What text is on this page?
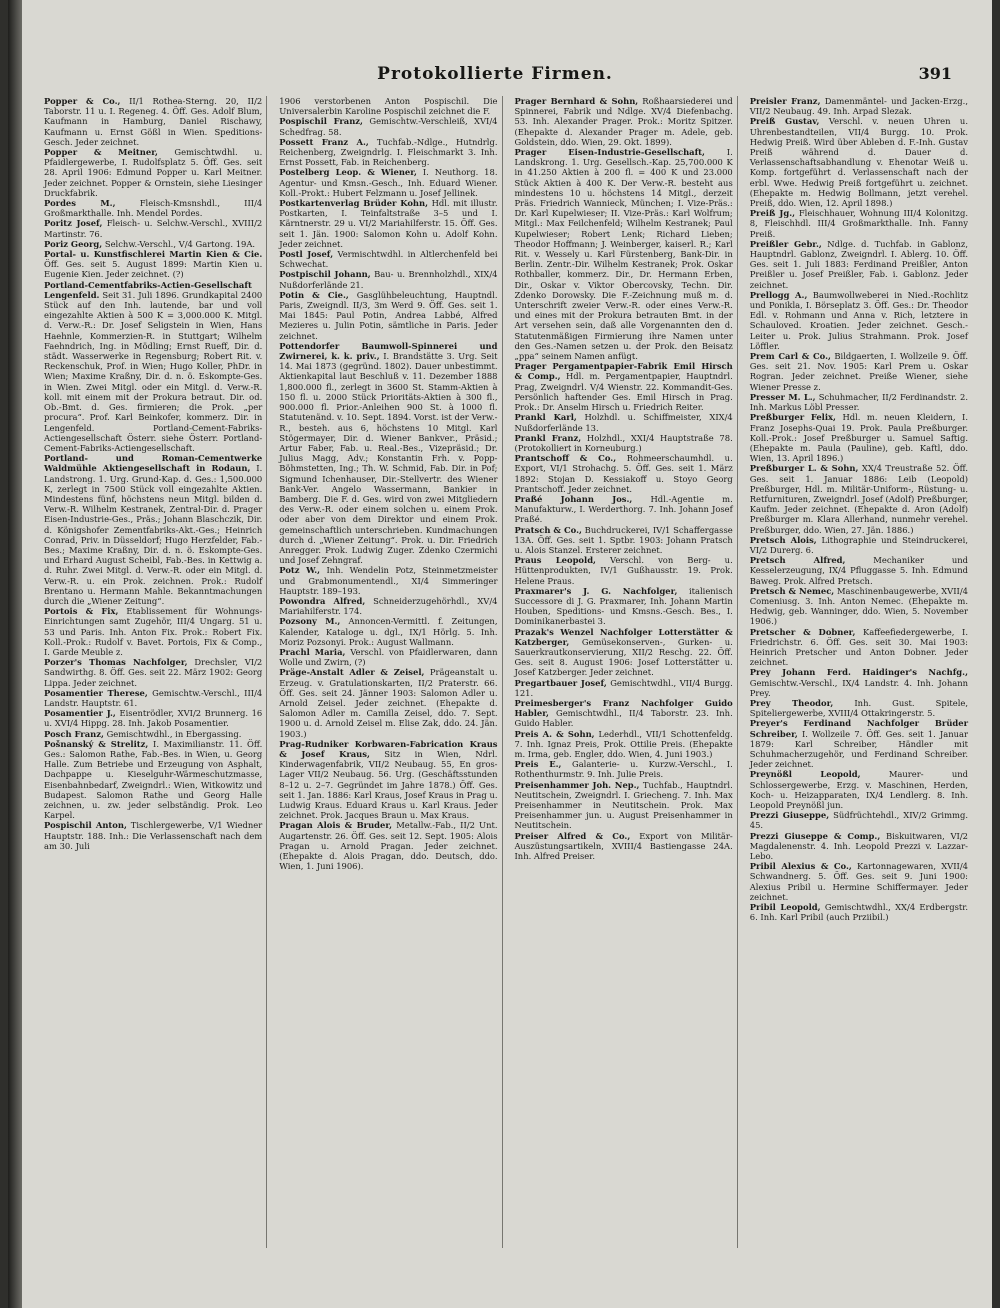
Protokollierte Firmen.	391

Popper & Co., II/1 Rothea-Sterng. 20, II/2 Taborstr. 11 u. I. Regeneg. 4. Öff. Ges. Adolf Blum, Kaufmann in Hamburg, Daniel Rischawy, Kaufmann u. Ernst Gößl in Wien. Speditions-Gesch. Jeder zeichnet.

Popper & Meitner, Gemischtwdhl. u. Pfaidlergewerbe, I. Rudolfsplatz 5. Öff. Ges. seit 28. April 1906: Edmund Popper u. Karl Meitner. Jeder zeichnet. Popper & Ornstein, siehe Liesinger Druckfabrik.

Pordes M.,	Fleisch-Kmsnshdl., III/4 Großmarkthalle. Inh. Mendel Pordes.

Poritz Josef, Fleisch- u. Selchw.-Verschl., XVIII/2 Martinstr. 76.

Poriz Georg, Selchw.-Verschl., V/4 Gartong. 19A.

Portal- u. Kunstfischlerei Martin Kien & Cie. Öff. Ges. seit 5. August 1899: Martin Kien u. Eugenie Kien. Jeder zeichnet. (?)

Portland-Cementfabriks-Actien-Gesellschaft Lengenfeld. Seit 31. Juli 1896. Grundkapital 2400 Stück auf den Inh. lautende, bar und voll eingezahlte Aktien à 500 K = 3,000.000 K. Mitgl. d. Verw.-R.: Dr. Josef Seligstein in Wien, Hans Haehnle, Kommerzien-R. in Stuttgart; Wilhelm Faehndrich, Ing. in Mödling; Ernst Rueff, Dir. d. städt. Wasserwerke in Regensburg; Robert Rit. v. Reckenschuk, Prof. in Wien; Hugo Koller, PhDr. in Wien; Maxime Kraßny, Dir. d. n. ö. Eskompte-Ges. in Wien. Zwei Mitgl. oder ein Mitgl. d. Verw.-R. koll. mit einem mit der Prokura betraut. Dir. od. Ob.-Bmt. d. Ges. firmieren; die Prok. „per procura“. Prof. Karl Beinkofer, kommerz. Dir. in Lengenfeld. Portland-Cement-Fabriks-Actiengesellschaft Österr. siehe Österr. Portland-Cement-Fabriks-Actiengesellschaft.

Portland- und Roman-Cementwerke Waldmühle Aktiengesellschaft in Rodaun, I. Landstrong. 1. Urg. Grund-Kap. d. Ges.: 1,500.000 K, zerlegt in 7500 Stück voll eingezahlte Aktien. Mindestens fünf, höchstens neun Mitgl. bilden d. Verw.-R. Wilhelm Kestranek, Zentral-Dir. d. Prager Eisen-Industrie-Ges., Präs.; Johann Blaschczik, Dir. d. Königshofer Zementfabriks-Akt.-Ges.; Heinrich Conrad, Priv. in Düsseldorf; Hugo Herzfelder, Fab.-Bes.; Maxime Kraßny, Dir. d. n. ö. Eskompte-Ges. und Erhard August Scheibl, Fab.-Bes. in Kettwig a. d. Ruhr. Zwei Mitgl. d. Verw.-R. oder ein Mitgl. d. Verw.-R. u. ein Prok. zeichnen. Prok.: Rudolf Brentano u. Hermann Mahle. Bekanntmachungen durch die „Wiener Zeitung“.

Portois & Fix, Etablissement für Wohnungs-Einrichtungen samt Zugehör, III/4 Ungarg. 51 u. 53 und Paris. Inh. Anton Fix. Prok.: Robert Fix. Koll.-Prok.: Rudolf v. Bavet. Portois, Fix & Comp., I. Garde Meuble z.

Porzer's Thomas Nachfolger, Drechsler, VI/2 Sandwirthg. 8. Öff. Ges. seit 22. März 1902: Georg Lippa. Jeder zeichnet.

Posamentier Therese, Gemischtw.-Verschl., III/4 Landstr. Hauptstr. 61.

Posamentier J., Eisentrödler, XVI/2 Brunnerg. 16 u. XVI/4 Hippg. 28. Inh. Jakob Posamentier.

Posch Franz, Gemischtwdhl., in Ebergassing.

Pošnanský & Strelitz, I. Maximilianstr. 11. Öff. Ges.: Salomon Rathe, Fab.-Bes. in Wien, u. Georg Halle. Zum Betriebe und Erzeugung von Asphalt, Dachpappe u. Kieselguhr-Wärmeschutzmasse, Eisenbahnbedarf, Zweigndrl.: Wien, Witkowitz und Budapest. Salomon Rathe und Georg Halle zeichnen, u. zw. jeder selbständig. Prok. Leo Karpel.

Pospischil Anton, Tischlergewerbe, V/1 Wiedner Hauptstr. 188. Inh.: Die Verlassenschaft nach dem am 30. Juli

1906 verstorbenen Anton Pospischil. Die Universalerbin Karoline Pospischil zeichnet die F.

Pospischil Franz, Gemischtw.-Verschleiß, XVI/4 Schedfrag. 58.

Possett Franz A., Tuchfab.-Ndlge., Hutndrlg. Reichenberg, Zweigndrlg. I. Fleischmarkt 3. Inh. Ernst Possett, Fab. in Reichenberg.

Postelberg Leop. & Wiener, I. Neuthorg. 18. Agentur- und Kmsn.-Gesch., Inh. Eduard Wiener. Koll.-Prokt.: Hubert Felzmann u. Josef Jellinek.

Postkartenverlag Brüder Kohn, Hdl. mit illustr. Postkarten, I. Teinfaltstraße 3–5 und I. Kärntnerstr. 29 u. VI/2 Mariahilferstr. 15. Öff. Ges. seit 1. Jän. 1900: Salomon Kohn u. Adolf Kohn. Jeder zeichnet.

Postl Josef, Vermischtwdhl. in Altlerchenfeld bei Schwechat.

Postpischil Johann, Bau- u. Brennholzhdl., XIX/4 Nußdorferlände 21.

Potin & Cie., Gasglühbeleuchtung, Hauptndl. Paris, Zweigndl. II/3, 3m Werd 9. Öff. Ges. seit 1. Mai 1845: Paul Potin, Andrea Labbé, Alfred Mezieres u. Julin Potin, sämtliche in Paris. Jeder zeichnet.

Pottendorfer Baumwoll-Spinnerei und Zwirnerei, k. k. priv., I. Brandstätte 3. Urg. Seit 14. Mai 1873 (gegründ. 1802). Dauer unbestimmt. Aktienkapital laut Beschluß v. 11. Dezember 1888 1,800.000 fl., zerlegt in 3600 St. Stamm-Aktien à 150 fl. u. 2000 Stück Prioritäts-Aktien à 300 fl., 900.000 fl. Prior.-Anleihen 900 St. à 1000 fl. Statutenänd. v. 10. Sept. 1894. Vorst. ist der Verw.-R., besteh. aus 6, höchstens 10 Mitgl. Karl Stögermayer, Dir. d. Wiener Bankver., Präsid.; Artur Faber, Fab. u. Real.-Bes., Vizepräsid.; Dr. Julius Magg, Adv.; Konstantin Frh. v. Popp-Böhmstetten, Ing.; Th. W. Schmid, Fab. Dir. in Pof; Sigmund Ichenhauser, Dir.-Stellvertr. des Wiener Bank-Ver. Angelo Wassermann, Bankier in Bamberg. Die F. d. Ges. wird von zwei Mitgliedern des Verw.-R. oder einem solchen u. einem Prok. oder aber von dem Direktor und einem Prok. gemeinschaftlich unterschrieben. Kundmachungen durch d. „Wiener Zeitung“. Prok. u. Dir. Friedrich Anregger. Prok. Ludwig Zuger. Zdenko Czermichi und Josef Zehngraf.

Potz W., Inh. Wendelin Potz, Steinmetzmeister und Grabmonumentendl., XI/4 Simmeringer Hauptstr. 189–193.

Powondra Alfred, Schneiderzugehörhdl., XV/4 Mariahilferstr. 174.

Pozsony M., Annoncen-Vermittl. f. Zeitungen, Kalender, Kataloge u. dgl., IX/1 Hörlg. 5. Inh. Moriz Pozsonyi. Prok.: August Wallmann.

Prachl Maria, Verschl. von Pfaidlerwaren, dann Wolle und Zwirn, (?)

Präge-Anstalt Adler & Zeisel, Prägeanstalt u. Erzeug. v. Gratulationskarten, II/2 Praterstr. 66. Öff. Ges. seit 24. Jänner 1903: Salomon Adler u. Arnold Zeisel. Jeder zeichnet. (Ehepakte d. Salomon Adler m. Camilla Zeisel, ddo. 7. Sept. 1900 u. d. Arnold Zeisel m. Elise Zak, ddo. 24. Jän. 1903.)

Prag-Rudniker Korbwaren-Fabrication Kraus & Josef Kraus, Sitz in Wien, Ndrl. Kinderwagenfabrik, VII/2 Neubaug. 55, En gros-Lager VII/2 Neubaug. 56. Urg. (Geschäftsstunden 8–12 u. 2–7. Gegründet im Jahre 1878.) Öff. Ges. seit 1. Jan. 1886: Karl Kraus, Josef Kraus in Prag u. Ludwig Kraus. Eduard Kraus u. Karl Kraus. Jeder zeichnet. Prok. Jacques Braun u. Max Kraus.

Pragan Alois & Bruder, Metallw.-Fab., II/2 Unt. Augartenstr. 26. Öff. Ges. seit 12. Sept. 1905: Alois Pragan u. Arnold Pragan. Jeder zeichnet. (Ehepakte d. Alois Pragan, ddo. Deutsch, ddo. Wien, 1. Juni 1906).

Prager Bernhard & Sohn, Roßhaarsiederei und Spinnerei, Fabrik und Ndlge. XV/4 Diefenbachg. 53. Inh. Alexander Prager. Prok.: Moritz Spitzer. (Ehepakte d. Alexander Prager m. Adele, geb. Goldstein, ddo. Wien, 29. Okt. 1899).

Prager Eisen-Industrie-Gesellschaft,	I. Landskrong. 1. Urg. Gesellsch.-Kap. 25,700.000 K in 41.250 Aktien à 200 fl. = 400 K und 23.000 Stück Aktien à 400 K. Der Verw.-R. besteht aus mindestens 10 u. höchstens 14 Mitgl., derzeit Präs. Friedrich Wannieck, München; I. Vize-Präs.: Dr. Karl Kupelwieser; II. Vize-Präs.: Karl Wolfrum; Mitgl.: Max Feilchenfeld; Wilhelm Kestranek; Paul Kupelwieser; Robert Lenk; Richard Lieben; Theodor Hoffmann; J. Weinberger, kaiserl. R.; Karl Rit. v. Wessely u. Karl Fürstenberg, Bank-Dir. in Berlin. Zentr.-Dir. Wilhelm Kestranek; Prok. Oskar Rothballer, kommerz. Dir., Dr. Hermann Erben, Dir., Oskar v. Viktor Obercovsky, Techn. Dir. Zdenko Dorowsky. Die F.-Zeichnung muß m. d. Unterschrift zweier Verw.-R. oder eines Verw.-R. und eines mit der Prokura betrauten Bmt. in der Art versehen sein, daß alle Vorgenannten den d. Statutenmäßigen Firmierung ihre Namen unter den Ges.-Namen setzen u. der Prok. den Beisatz „ppa“ seinem Namen anfügt.

Prager Pergamentpapier-Fabrik Emil Hirsch & Comp., Hdl. m. Pergamentpapier, Hauptndrl. Prag, Zweigndrl. V/4 Wienstr. 22. Kommandit-Ges. Persönlich haftender Ges. Emil Hirsch in Prag. Prok.: Dr. Anselm Hirsch u. Friedrich Reiter.

Prankl Karl, Holzhdl. u. Schiffmeister, XIX/4 Nußdorferlände 13.

Prankl Franz, Holzhdl., XXI/4 Hauptstraße 78. (Protokolliert in Korneuburg.)

Prantschoff & Co., Rohmeerschaumhdl. u. Export, VI/1 Strohachg. 5. Öff. Ges. seit 1. März 1892: Stojan D. Kessiakoff u. Stoyo Georg Prantschoff. Jeder zeichnet.

Praßé Johann Jos., Hdl.-Agentie m. Manufakturw., I. Werderthorg. 7. Inh. Johann Josef Praßé.

Pratsch & Co., Buchdruckerei, IV/1 Schaffergasse 13A. Öff. Ges. seit 1. Sptbr. 1903: Johann Pratsch u. Alois Stanzel. Ersterer zeichnet.

Praus Leopold, Verschl. von Berg- u. Hüttenprodukten, IV/1 Gußhausstr. 19. Prok. Helene Praus.

Praxmarer's J. G. Nachfolger, italienisch Successore di J. G. Praxmarer, Inh. Johann Martin Houben, Speditions- und Kmsns.-Gesch. Bes., I. Dominikanerbastei 3.

Prazak's Wenzel Nachfolger Lotterstätter & Katzberger, Gemüsekonserven-, Gurken- u. Sauerkrautkonservierung, XII/2 Reschg. 22. Öff. Ges. seit 8. August 1906: Josef Lotterstätter u. Josef Katzberger. Jeder zeichnet.

Pregartbauer Josef, Gemischtwdhl., VII/4 Burgg. 121.

Preimesberger's Franz Nachfolger Guido Habler, Gemischtwdhl., II/4 Taborstr. 23. Inh. Guido Habler.

Preis A. & Sohn, Lederhdl., VII/1 Schottenfeldg. 7. Inh. Ignaz Preis, Prok. Ottilie Preis. (Ehepakte m. Irma, geb. Engler, ddo. Wien, 4. Juni 1903.)

Preis E., Galanterie- u. Kurzw.-Verschl., I. Rothenthurmstr. 9. Inh. Julie Preis.

Preisenhammer Joh. Nep., Tuchfab., Hauptndrl. Neutitschein, Zweigndrl. I. Griecheng. 7. Inh. Max Preisenhammer in Neutitschein. Prok. Max Preisenhammer jun. u. August Preisenhammer in Neutitschein.

Preiser Alfred & Co., Export von Militär-Auszüstungsartikeln, XVIII/4 Bastiengasse 24A. Inh. Alfred Preiser.

Preisler Franz, Damenmäntel- und Jacken-Erzg., VII/2 Neubaug. 49. Inh. Arpad Slezak.

Preiß Gustav, Verschl. v. neuen Uhren u. Uhrenbestandteilen, VII/4 Burgg. 10. Prok. Hedwig Preiß. Wird über Ableben d. F.-Inh. Gustav Preiß während d. Dauer d. Verlassenschaftsabhandlung v. Ehenotar Weiß u. Komp. fortgeführt d. Verlassenschaft nach der erbl. Wwe. Hedwig Preiß fortgeführt u. zeichnet. (Ehepakte m. Hedwig Bollmann, jetzt verehel. Preiß, ddo. Wien, 12. April 1898.)

Preiß Jg., Fleischhauer, Wohnung III/4 Kolonitzg. 8, Fleischhdl. III/4 Großmarkthalle. Inh. Fanny Preiß.

Preißler Gebr., Ndlge. d. Tuchfab. in Gablonz, Hauptndrl. Gablonz, Zweigndrl. I. Ablerg. 10. Öff. Ges. seit 1. Juli 1883: Ferdinand Preißler, Anton Preißler u. Josef Preißler, Fab. i. Gablonz. Jeder zeichnet.

Prellogg A., Baumwollweberei in Nied.-Rochlitz und Ponikla, I. Börseplatz 3. Öff. Ges.: Dr. Theodor Edl. v. Rohmann und Anna v. Rich, letztere in Schauloved. Kroatien. Jeder zeichnet. Gesch.-Leiter u. Prok. Julius Strahmann. Prok. Josef Löffler.

Prem Carl & Co., Bildgaerten, I. Wollzeile 9. Öff. Ges. seit 21. Nov. 1905: Karl Prem u. Oskar Rogran. Jeder zeichnet. Preiße Wiener, siehe Wiener Presse z.

Presser M. L., Schuhmacher, II/2 Ferdinandstr. 2. Inh. Markus Löbl Presser.

Preßburger Felix, Hdl. m. neuen Kleidern, I. Franz Josephs-Quai 19. Prok. Paula Preßburger. Koll.-Prok.: Josef Preßburger u. Samuel Saftig. (Ehepakte m. Paula (Pauline), geb. Kaftl, ddo. Wien, 13. April 1896.)

Preßburger L. & Sohn, XX/4 Treustraße 52. Öff. Ges. seit 1. Januar 1886: Leib (Leopold) Preßburger, Hdl. m. Militär-Uniform-, Rüstung- u. Retfurnituren, Zweigndrl. Josef (Adolf) Preßburger, Kaufm. Jeder zeichnet. (Ehepakte d. Aron (Adolf) Preßburger m. Klara Allerhand, nunmehr verehel. Preßburger, ddo. Wien, 27. Jän. 1886.)

Pretsch Alois, Lithographie und Steindruckerei, VI/2 Durerg. 6.

Pretsch Alfred,	Mechaniker und Kesselerzeugung, IX/4 Pfluggasse 5. Inh. Edmund Baweg. Prok. Alfred Pretsch.

Pretsch & Nemec, Maschinenbaugewerbe, XVII/4 Comeniusg. 3. Inh. Anton Nemec. (Ehepakte m. Hedwig, geb. Wanninger, ddo. Wien, 5. November 1906.)

Pretscher & Dobner, Kaffeefiedergewerbe, I. Friedrichstr. 6. Öff. Ges. seit 30. Mai 1903: Heinrich Pretscher und Anton Dobner. Jeder zeichnet.

Prey Johann Ferd. Haidinger's Nachfg., Gemischtw.-Verschl., IX/4 Landstr. 4. Inh. Johann Prey.

Prey Theodor,	Inh. Gust. Spitele, Spiteliergewerbe, XVIII/4 Ottakringerstr. 5.

Preyer's Ferdinand Nachfolger Brüder Schreiber, I. Wollzeile 7. Öff. Ges. seit 1. Januar 1879: Karl Schreiber, Händler mit Schuhmacherzugehör, und Ferdinand Schreiber. Jeder zeichnet.

Preynößl Leopold,	Maurer- und Schlossergewerbe, Erzg. v. Maschinen, Herden, Koch- u. Heizapparaten, IX/4 Lendlerg. 8. Inh. Leopold Preynößl jun.

Prezzi Giuseppe, Südfrüchtehdl., XIV/2 Grimmg. 45.

Prezzi Giuseppe & Comp., Biskuitwaren, VI/2 Magdalenenstr. 4. Inh. Leopold Prezzi v. Lazzar-Lebo.

Pribil Alexius & Co., Kartonnagewaren, XVII/4 Schwandnerg. 5. Öff. Ges. seit 9. Juni 1900: Alexius Pribil u. Hermine Schiffermayer. Jeder zeichnet.

Pribil Leopold, Gemischtwdhl., XX/4 Erdbergstr. 6. Inh. Karl Pribil (auch Prziibil.)
